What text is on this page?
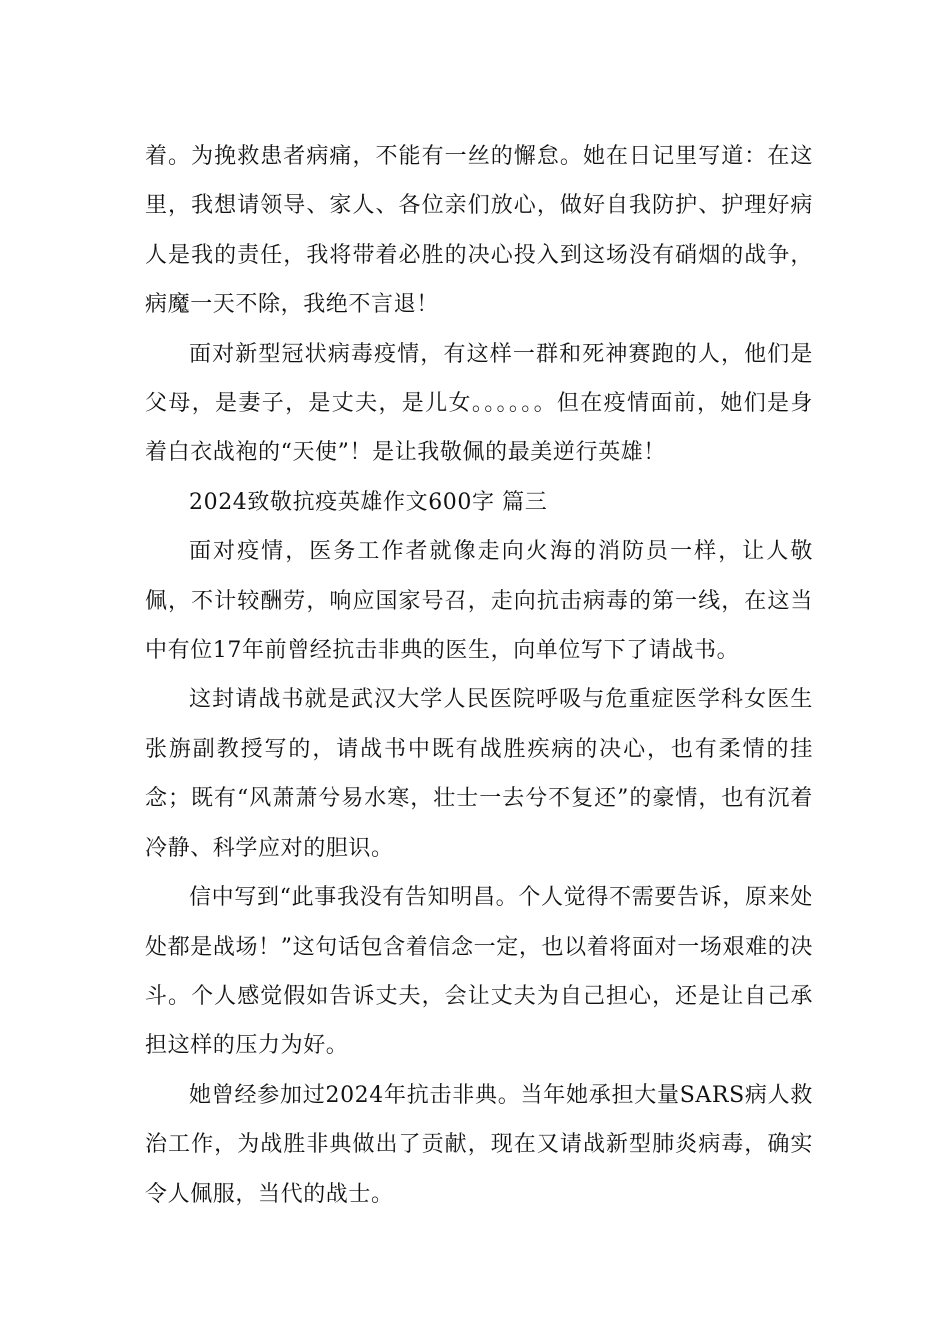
着。为挽救患者病痛，不能有一丝的懈怠。她在日记里写道：在这里，我想请领导、家人、各位亲们放心，做好自我防护、护理好病人是我的责任，我将带着必胜的决心投入到这场没有硝烟的战争，病魔一天不除，我绝不言退！

面对新型冠状病毒疫情，有这样一群和死神赛跑的人，他们是父母，是妻子，是丈夫，是儿女。。。。。。但在疫情面前，她们是身着白衣战袍的“天使”！是让我敬佩的最美逆行英雄！

2024致敬抗疫英雄作文600字 篇三

面对疫情，医务工作者就像走向火海的消防员一样，让人敬佩，不计较酬劳，响应国家号召，走向抗击病毒的第一线，在这当中有位17年前曾经抗击非典的医生，向单位写下了请战书。

这封请战书就是武汉大学人民医院呼吸与危重症医学科女医生张旃副教授写的，请战书中既有战胜疾病的决心，也有柔情的挂念；既有“风萧萧兮易水寒，壮士一去兮不复还”的豪情，也有沉着冷静、科学应对的胆识。

信中写到“此事我没有告知明昌。个人觉得不需要告诉，原来处处都是战场！”这句话包含着信念一定，也以着将面对一场艰难的决斗。个人感觉假如告诉丈夫，会让丈夫为自己担心，还是让自己承担这样的压力为好。

她曾经参加过2024年抗击非典。当年她承担大量SARS病人救治工作，为战胜非典做出了贡献，现在又请战新型肺炎病毒，确实令人佩服，当代的战士。
